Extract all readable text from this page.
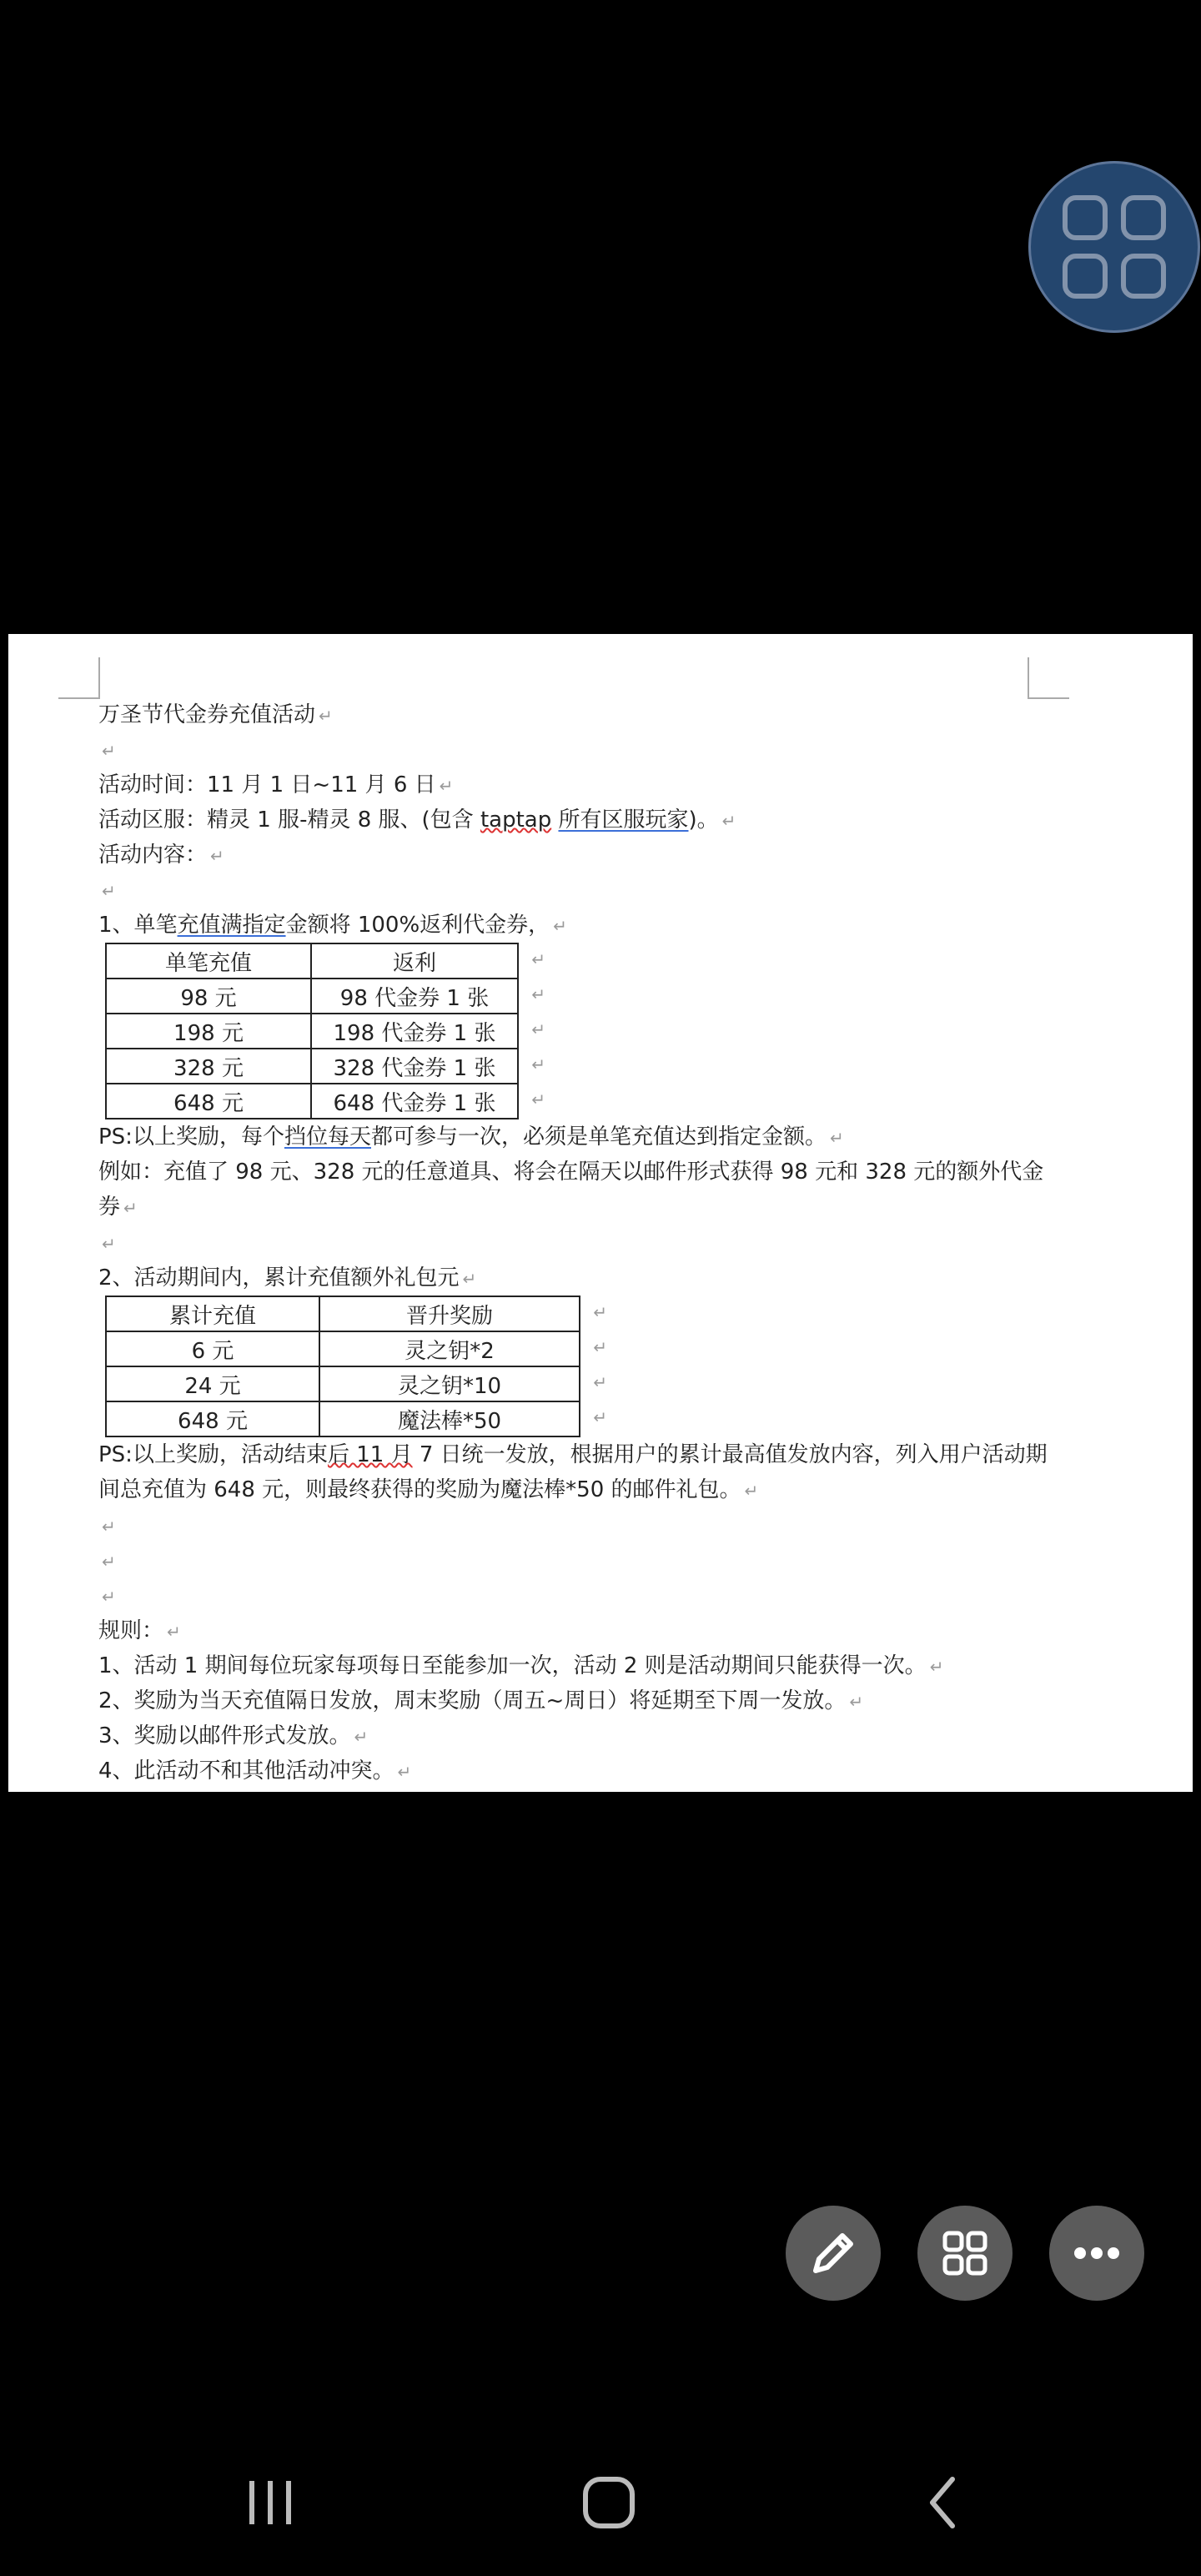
万圣节代金券充值活动 ↵
↵
活动时间：11 月 1 日~11 月 6 日 ↵
活动区服：精灵 1 服-精灵 8 服、(包含 taptap 所有区服玩家)。 ↵
活动内容： ↵
↵
1、单笔充值满指定金额将 100%返利代金券， ↵
单笔充值	返利 ↵
98 元	98 代金券 1 张 ↵
198 元	198 代金券 1 张 ↵
328 元	328 代金券 1 张 ↵
648 元	648 代金券 1 张 ↵
PS:以上奖励，每个挡位每天都可参与一次，必须是单笔充值达到指定金额。 ↵
例如：充值了 98 元、328 元的任意道具、将会在隔天以邮件形式获得 98 元和 328 元的额外代金券 ↵
↵
2、活动期间内，累计充值额外礼包元 ↵
累计充值	晋升奖励 ↵
6 元	灵之钥*2 ↵
24 元	灵之钥*10 ↵
648 元	魔法棒*50 ↵
PS:以上奖励，活动结束后 11 月 7 日统一发放，根据用户的累计最高值发放内容，列入用户活动期间总充值为 648 元，则最终获得的奖励为魔法棒*50 的邮件礼包。 ↵
↵
↵
↵
规则： ↵
1、活动 1 期间每位玩家每项每日至能参加一次，活动 2 则是活动期间只能获得一次。 ↵
2、奖励为当天充值隔日发放，周末奖励（周五~周日）将延期至下周一发放。 ↵
3、奖励以邮件形式发放。 ↵
4、此活动不和其他活动冲突。 ↵
